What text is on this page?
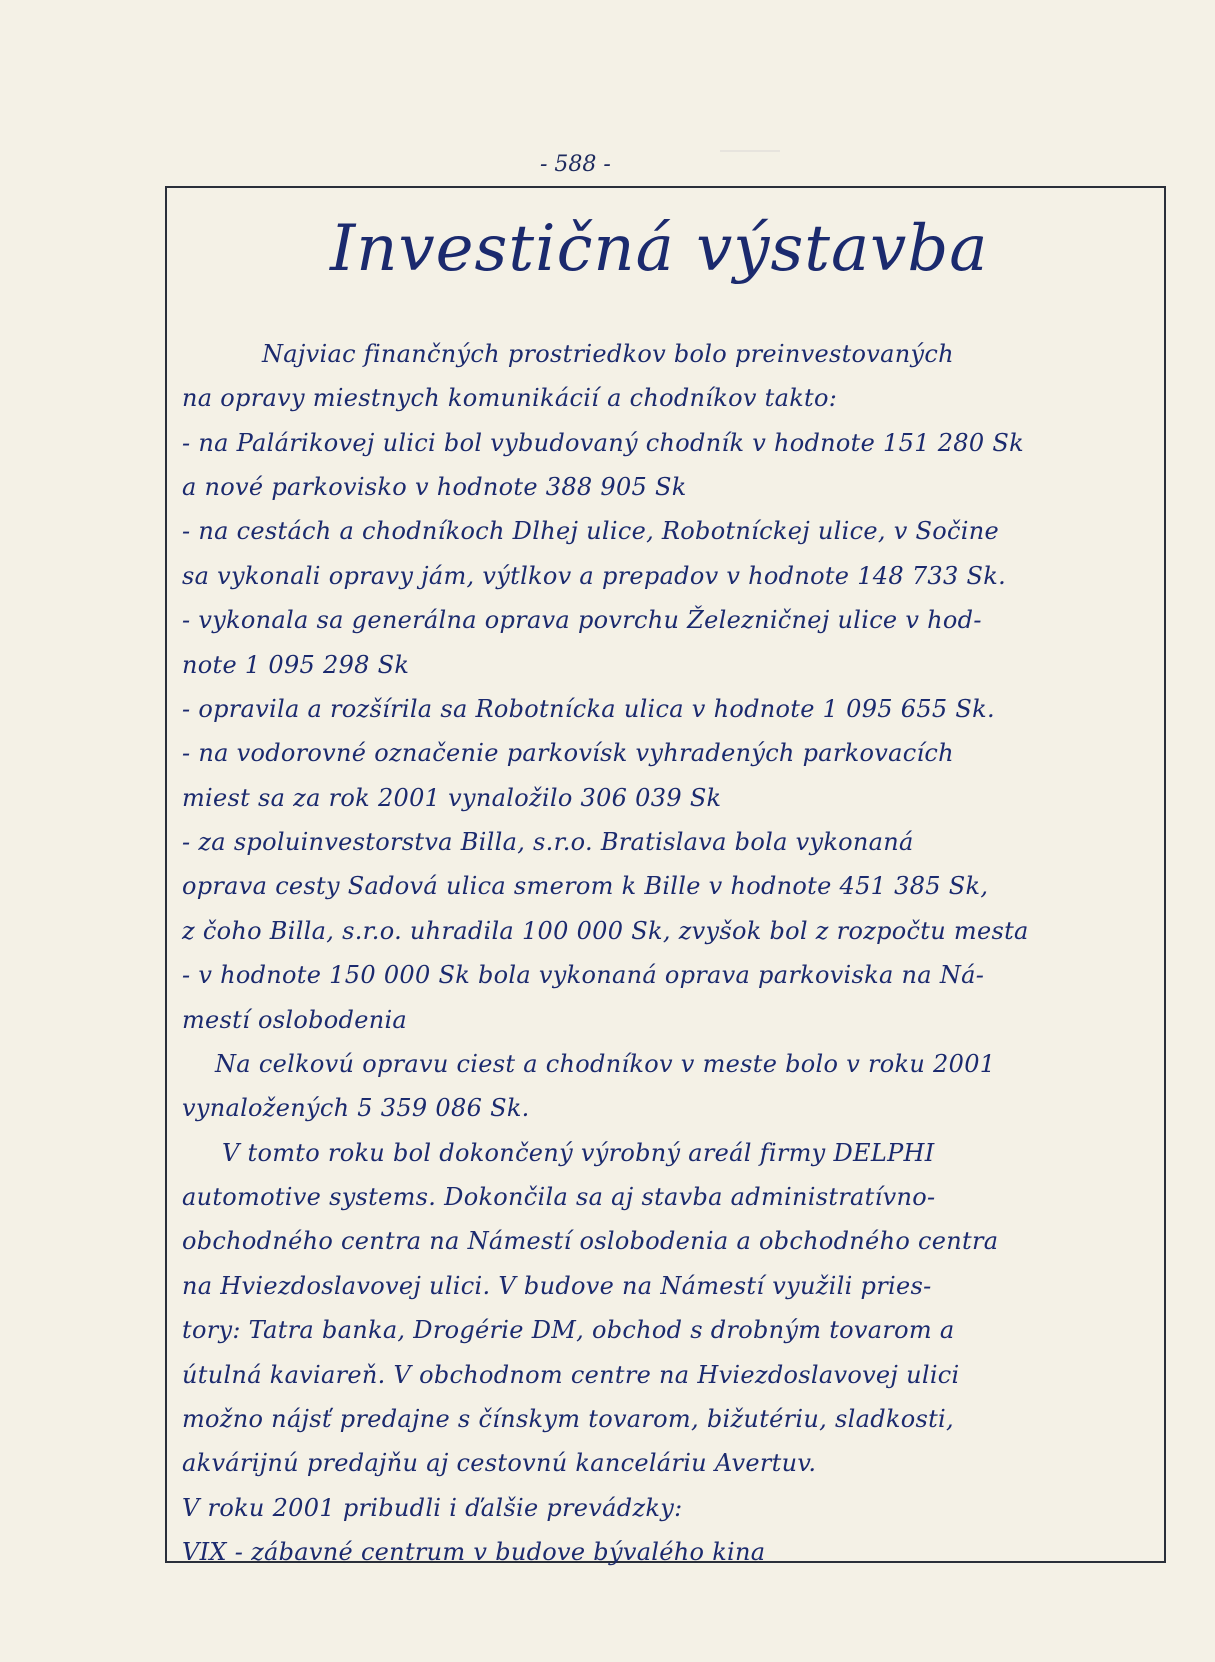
- 588 -
Investičná výstavba
Najviac finančných prostriedkov bolo preinvestovaných
na opravy miestnych komunikácií a chodníkov takto:
- na Palárikovej ulici bol vybudovaný chodník v hodnote 151 280 Sk
a nové parkovisko v hodnote 388 905 Sk
- na cestách a chodníkoch Dlhej ulice, Robotníckej ulice, v Sočine
sa vykonali opravy jám, výtlkov a prepadov v hodnote 148 733 Sk.
- vykonala sa generálna oprava povrchu Železničnej ulice v hod-
note 1 095 298 Sk
- opravila a rozšírila sa Robotnícka ulica v hodnote 1 095 655 Sk.
- na vodorovné označenie parkovísk vyhradených parkovacích
miest sa za rok 2001 vynaložilo 306 039 Sk
- za spoluinvestorstva Billa, s.r.o. Bratislava bola vykonaná
oprava cesty Sadová ulica smerom k Bille v hodnote 451 385 Sk,
z čoho Billa, s.r.o. uhradila 100 000 Sk, zvyšok bol z rozpočtu mesta
- v hodnote 150 000 Sk bola vykonaná oprava parkoviska na Ná-
mestí oslobodenia
Na celkovú opravu ciest a chodníkov v meste bolo v roku 2001
vynaložených 5 359 086 Sk.
V tomto roku bol dokončený výrobný areál firmy DELPHI
automotive systems. Dokončila sa aj stavba administratívno-
obchodného centra na Námestí oslobodenia a obchodného centra
na Hviezdoslavovej ulici. V budove na Námestí využili pries-
tory: Tatra banka, Drogérie DM, obchod s drobným tovarom a
útulná kaviareň. V obchodnom centre na Hviezdoslavovej ulici
možno nájsť predajne s čínskym tovarom, bižutériu, sladkosti,
akvárijnú predajňu aj cestovnú kanceláriu Avertuv.
V roku 2001 pribudli i ďalšie prevádzky:
VIX - zábavné centrum v budove bývalého kina
